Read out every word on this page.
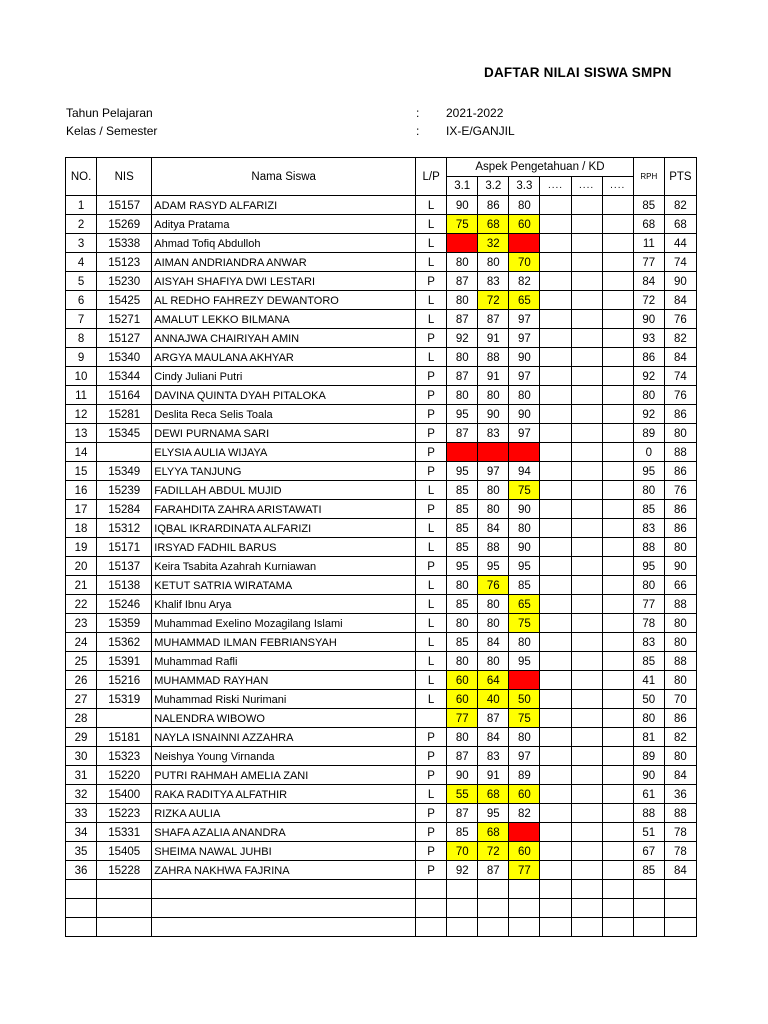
DAFTAR NILAI SISWA SMPN
Tahun Pelajaran	: 2021-2022
Kelas / Semester	: IX-E/GANJIL
NO.	NIS	Nama Siswa	L/P	Aspek Pengetahuan / KD						RPH	PTS
				3.1	3.2	3.3	....	....	....		
1	15157	ADAM RASYD ALFARIZI	L	90	86	80				85	82
2	15269	Aditya Pratama	L	75	68	60				68	68
3	15338	Ahmad Tofiq Abdulloh	L		32					11	44
4	15123	AIMAN ANDRIANDRA ANWAR	L	80	80	70				77	74
5	15230	AISYAH SHAFIYA DWI LESTARI	P	87	83	82				84	90
6	15425	AL REDHO FAHREZY DEWANTORO	L	80	72	65				72	84
7	15271	AMALUT LEKKO BILMANA	L	87	87	97				90	76
8	15127	ANNAJWA CHAIRIYAH AMIN	P	92	91	97				93	82
9	15340	ARGYA MAULANA AKHYAR	L	80	88	90				86	84
10	15344	Cindy Juliani Putri	P	87	91	97				92	74
11	15164	DAVINA QUINTA DYAH PITALOKA	P	80	80	80				80	76
12	15281	Deslita Reca Selis Toala	P	95	90	90				92	86
13	15345	DEWI PURNAMA SARI	P	87	83	97				89	80
14		ELYSIA AULIA WIJAYA	P							0	88
15	15349	ELYYA TANJUNG	P	95	97	94				95	86
16	15239	FADILLAH ABDUL MUJID	L	85	80	75				80	76
17	15284	FARAHDITA ZAHRA ARISTAWATI	P	85	80	90				85	86
18	15312	IQBAL IKRARDINATA ALFARIZI	L	85	84	80				83	86
19	15171	IRSYAD FADHIL BARUS	L	85	88	90				88	80
20	15137	Keira Tsabita Azahrah Kurniawan	P	95	95	95				95	90
21	15138	KETUT SATRIA WIRATAMA	L	80	76	85				80	66
22	15246	Khalif Ibnu Arya	L	85	80	65				77	88
23	15359	Muhammad Exelino Mozagilang Islami	L	80	80	75				78	80
24	15362	MUHAMMAD ILMAN FEBRIANSYAH	L	85	84	80				83	80
25	15391	Muhammad Rafli	L	80	80	95				85	88
26	15216	MUHAMMAD RAYHAN	L	60	64					41	80
27	15319	Muhammad Riski Nurimani	L	60	40	50				50	70
28		NALENDRA WIBOWO		77	87	75				80	86
29	15181	NAYLA ISNAINNI AZZAHRA	P	80	84	80				81	82
30	15323	Neishya Young Virnanda	P	87	83	97				89	80
31	15220	PUTRI RAHMAH AMELIA ZANI	P	90	91	89				90	84
32	15400	RAKA RADITYA ALFATHIR	L	55	68	60				61	36
33	15223	RIZKA AULIA	P	87	95	82				88	88
34	15331	SHAFA AZALIA ANANDRA	P	85	68					51	78
35	15405	SHEIMA NAWAL JUHBI	P	70	72	60				67	78
36	15228	ZAHRA NAKHWA FAJRINA	P	92	87	77				85	84
